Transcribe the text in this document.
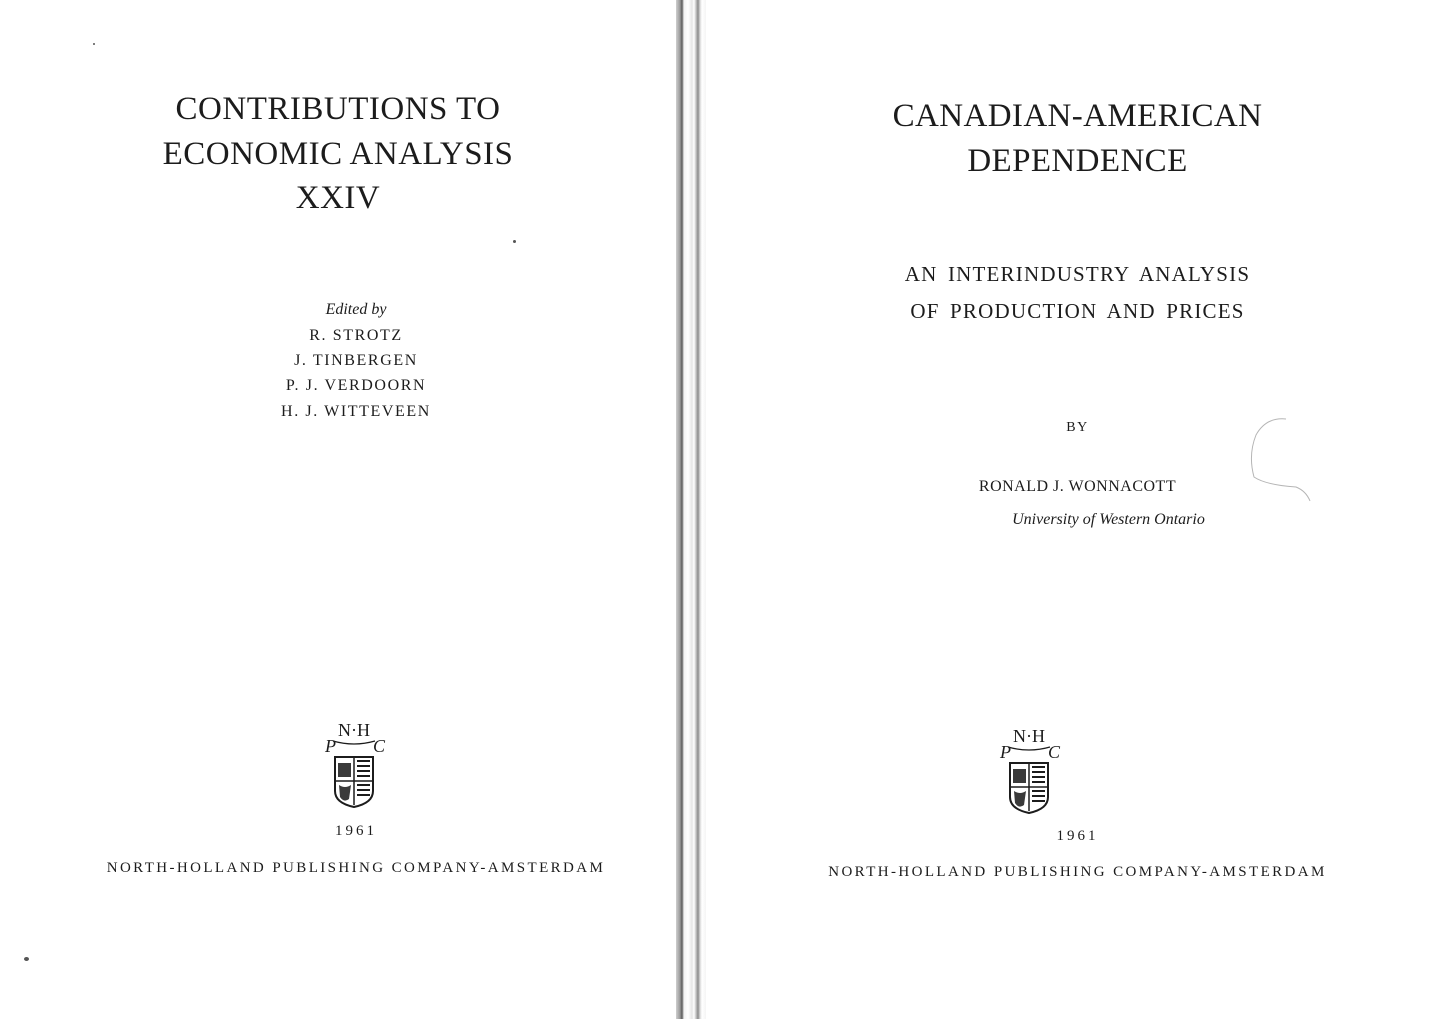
CONTRIBUTIONS TO
ECONOMIC ANALYSIS
XXIV
Edited by
R. STROTZ
J. TINBERGEN
P. J. VERDOORN
H. J. WITTEVEEN
N·H
P C
1961
NORTH-HOLLAND PUBLISHING COMPANY-AMSTERDAM
CANADIAN-AMERICAN
DEPENDENCE
AN INTERINDUSTRY ANALYSIS
OF PRODUCTION AND PRICES
BY
RONALD J. WONNACOTT
University of Western Ontario
N·H
P C
1961
NORTH-HOLLAND PUBLISHING COMPANY-AMSTERDAM
